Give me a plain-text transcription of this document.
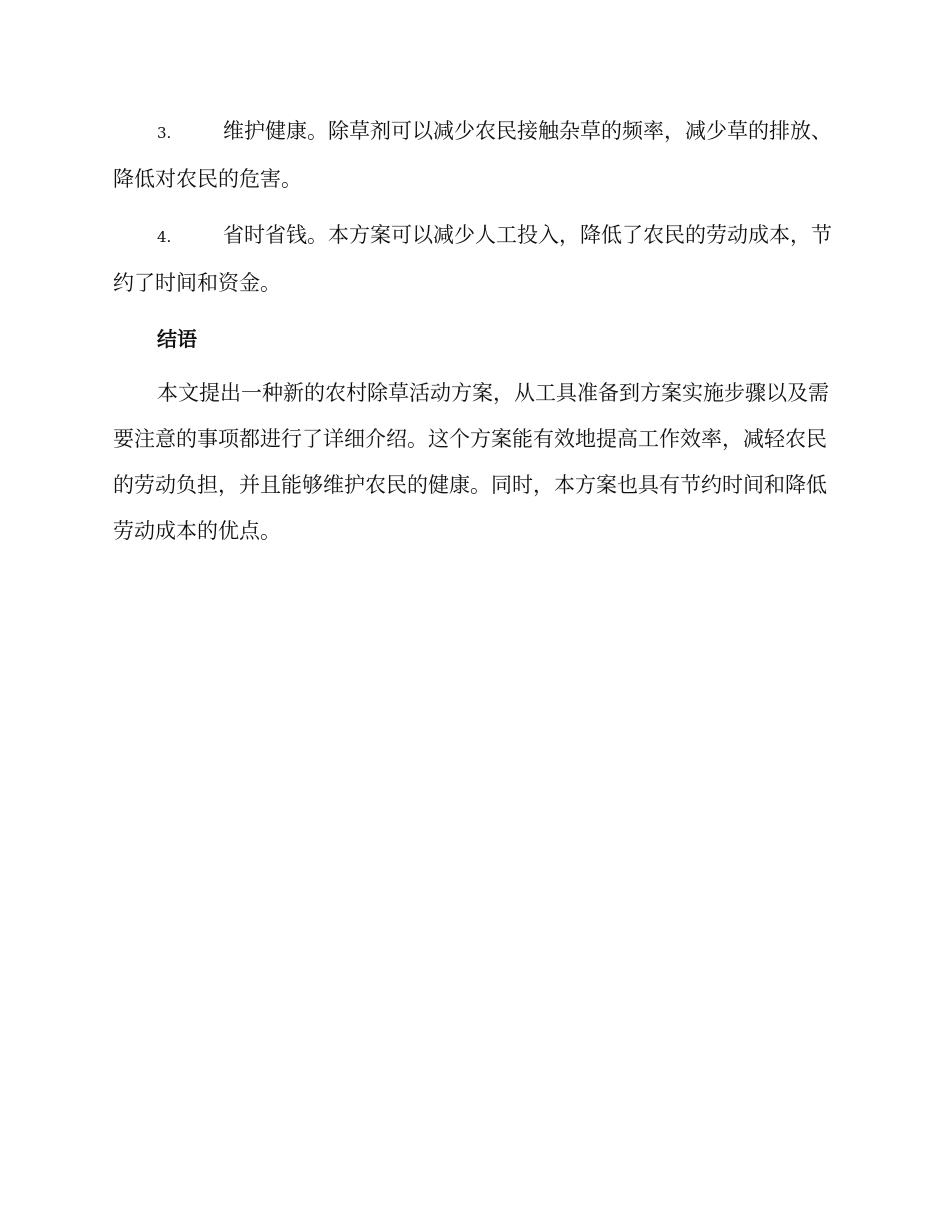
3. 维护健康。除草剂可以减少农民接触杂草的频率，减少草的排放、降低对农民的危害。

4. 省时省钱。本方案可以减少人工投入，降低了农民的劳动成本，节约了时间和资金。

结语

本文提出一种新的农村除草活动方案，从工具准备到方案实施步骤以及需要注意的事项都进行了详细介绍。这个方案能有效地提高工作效率，减轻农民的劳动负担，并且能够维护农民的健康。同时，本方案也具有节约时间和降低劳动成本的优点。
